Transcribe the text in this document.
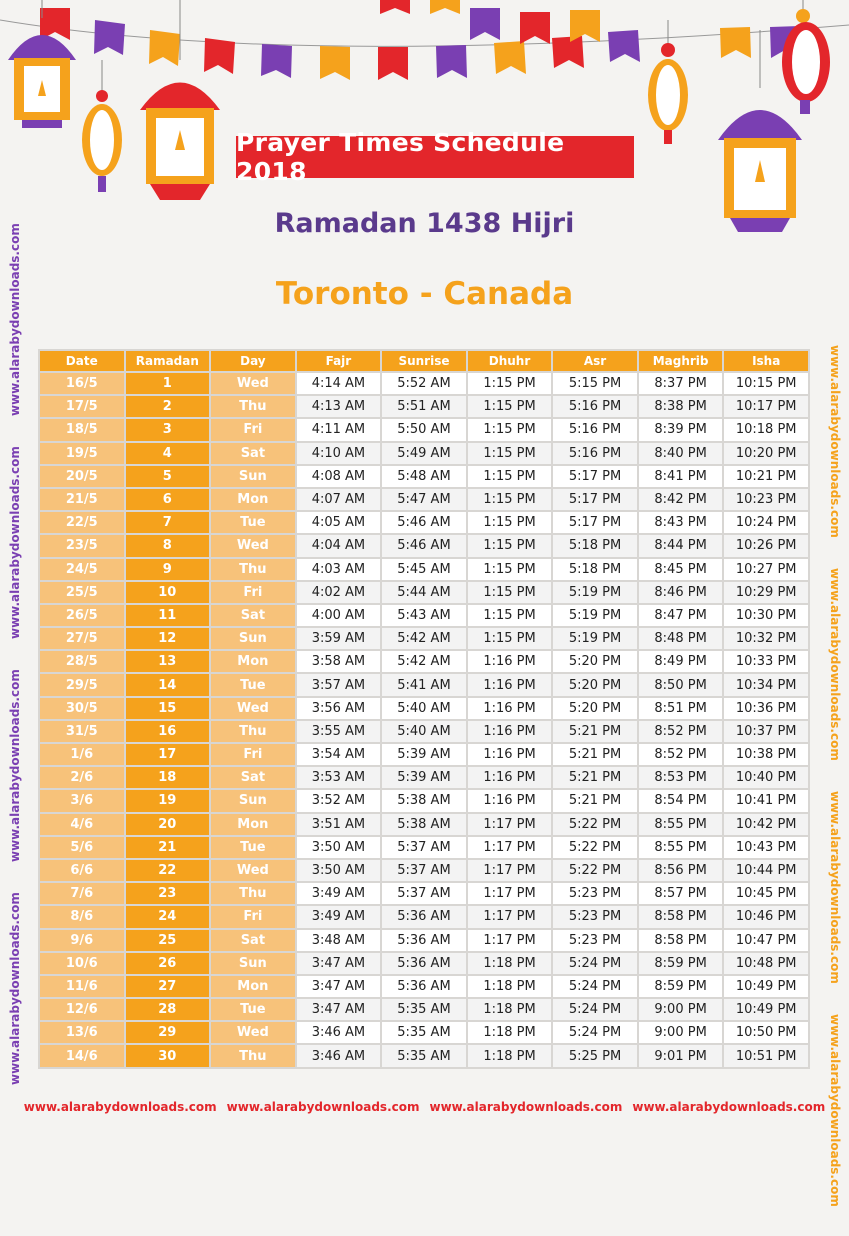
Prayer Times Schedule 2018
Ramadan 1438 Hijri
Toronto - Canada
www.alarabydownloads.comwww.alarabydownloads.comwww.alarabydownloads.comwww.alarabydownloads.com
www.alarabydownloads.comwww.alarabydownloads.comwww.alarabydownloads.comwww.alarabydownloads.com
Date	Ramadan	Day	Fajr	Sunrise	Dhuhr	Asr	Maghrib	Isha
16/5	1	Wed	4:14 AM	5:52 AM	1:15 PM	5:15 PM	8:37 PM	10:15 PM
17/5	2	Thu	4:13 AM	5:51 AM	1:15 PM	5:16 PM	8:38 PM	10:17 PM
18/5	3	Fri	4:11 AM	5:50 AM	1:15 PM	5:16 PM	8:39 PM	10:18 PM
19/5	4	Sat	4:10 AM	5:49 AM	1:15 PM	5:16 PM	8:40 PM	10:20 PM
20/5	5	Sun	4:08 AM	5:48 AM	1:15 PM	5:17 PM	8:41 PM	10:21 PM
21/5	6	Mon	4:07 AM	5:47 AM	1:15 PM	5:17 PM	8:42 PM	10:23 PM
22/5	7	Tue	4:05 AM	5:46 AM	1:15 PM	5:17 PM	8:43 PM	10:24 PM
23/5	8	Wed	4:04 AM	5:46 AM	1:15 PM	5:18 PM	8:44 PM	10:26 PM
24/5	9	Thu	4:03 AM	5:45 AM	1:15 PM	5:18 PM	8:45 PM	10:27 PM
25/5	10	Fri	4:02 AM	5:44 AM	1:15 PM	5:19 PM	8:46 PM	10:29 PM
26/5	11	Sat	4:00 AM	5:43 AM	1:15 PM	5:19 PM	8:47 PM	10:30 PM
27/5	12	Sun	3:59 AM	5:42 AM	1:15 PM	5:19 PM	8:48 PM	10:32 PM
28/5	13	Mon	3:58 AM	5:42 AM	1:16 PM	5:20 PM	8:49 PM	10:33 PM
29/5	14	Tue	3:57 AM	5:41 AM	1:16 PM	5:20 PM	8:50 PM	10:34 PM
30/5	15	Wed	3:56 AM	5:40 AM	1:16 PM	5:20 PM	8:51 PM	10:36 PM
31/5	16	Thu	3:55 AM	5:40 AM	1:16 PM	5:21 PM	8:52 PM	10:37 PM
1/6	17	Fri	3:54 AM	5:39 AM	1:16 PM	5:21 PM	8:52 PM	10:38 PM
2/6	18	Sat	3:53 AM	5:39 AM	1:16 PM	5:21 PM	8:53 PM	10:40 PM
3/6	19	Sun	3:52 AM	5:38 AM	1:16 PM	5:21 PM	8:54 PM	10:41 PM
4/6	20	Mon	3:51 AM	5:38 AM	1:17 PM	5:22 PM	8:55 PM	10:42 PM
5/6	21	Tue	3:50 AM	5:37 AM	1:17 PM	5:22 PM	8:55 PM	10:43 PM
6/6	22	Wed	3:50 AM	5:37 AM	1:17 PM	5:22 PM	8:56 PM	10:44 PM
7/6	23	Thu	3:49 AM	5:37 AM	1:17 PM	5:23 PM	8:57 PM	10:45 PM
8/6	24	Fri	3:49 AM	5:36 AM	1:17 PM	5:23 PM	8:58 PM	10:46 PM
9/6	25	Sat	3:48 AM	5:36 AM	1:17 PM	5:23 PM	8:58 PM	10:47 PM
10/6	26	Sun	3:47 AM	5:36 AM	1:18 PM	5:24 PM	8:59 PM	10:48 PM
11/6	27	Mon	3:47 AM	5:36 AM	1:18 PM	5:24 PM	8:59 PM	10:49 PM
12/6	28	Tue	3:47 AM	5:35 AM	1:18 PM	5:24 PM	9:00 PM	10:49 PM
13/6	29	Wed	3:46 AM	5:35 AM	1:18 PM	5:24 PM	9:00 PM	10:50 PM
14/6	30	Thu	3:46 AM	5:35 AM	1:18 PM	5:25 PM	9:01 PM	10:51 PM
www.alarabydownloads.com www.alarabydownloads.com www.alarabydownloads.com www.alarabydownloads.com
